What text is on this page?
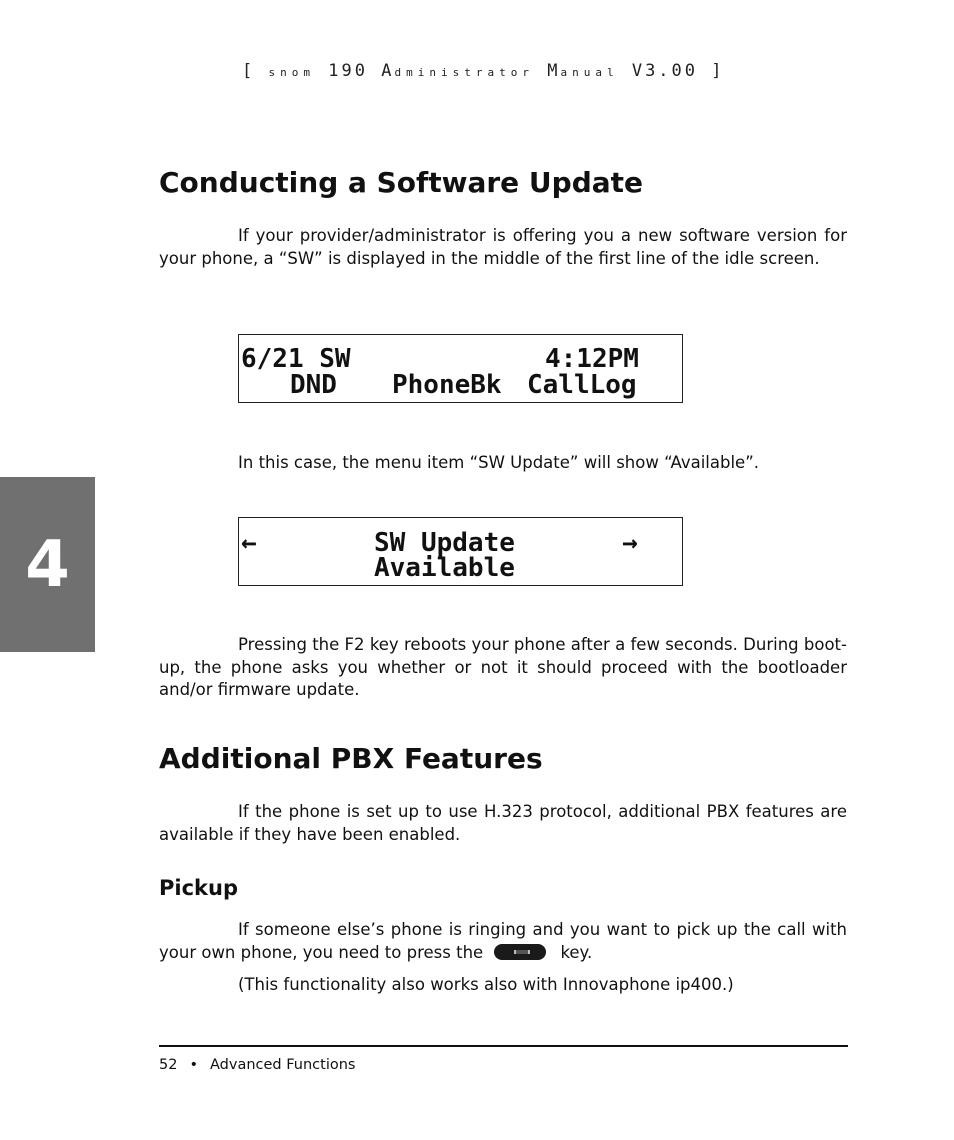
[ snom 190 Administrator Manual V3.00 ]
4
Conducting a Software Update

If your provider/administrator is offering you a new software version for your phone, a “SW” is displayed in the middle of the first line of the idle screen.

6/21 SW	4:12PM
DND PhoneBk CallLog

In this case, the menu item “SW Update” will show “Available”.

←	SW Update	→
Available

Pressing the F2 key reboots your phone after a few seconds. During boot-up, the phone asks you whether or not it should proceed with the bootloader and/or firmware update.

Additional PBX Features

If the phone is set up to use H.323 protocol, additional PBX features are available if they have been enabled.

Pickup

If someone else’s phone is ringing and you want to pick up the call with your own phone, you need to press the	key.

(This functionality also works also with Innovaphone ip400.)

52 • Advanced Functions
